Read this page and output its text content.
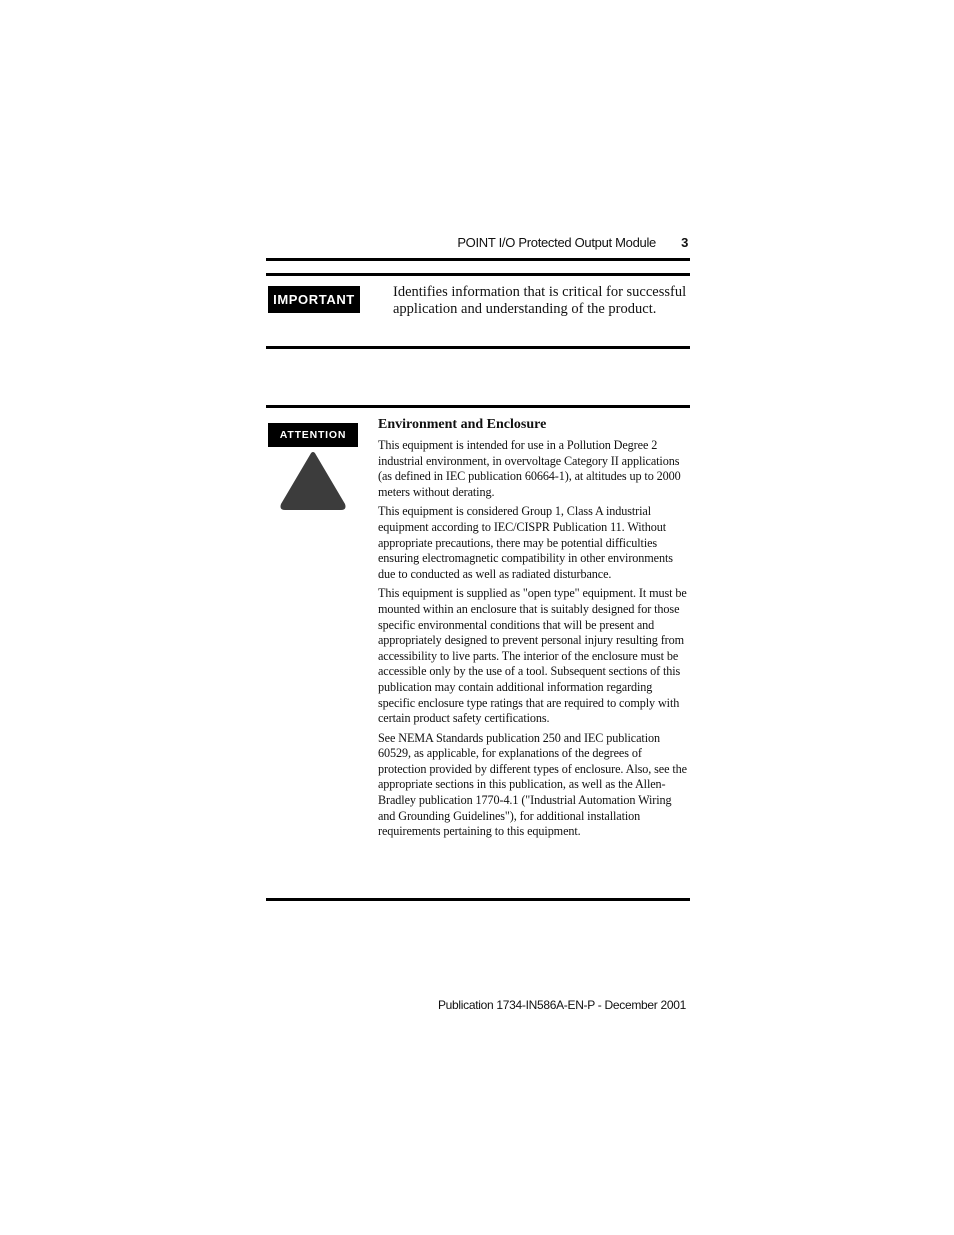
POINT I/O Protected Output Module 3
IMPORTANT	Identifies information that is critical for successful application and understanding of the product.
ATTENTION
Environment and Enclosure

This equipment is intended for use in a Pollution Degree 2 industrial environment, in overvoltage Category II applications (as defined in IEC publication 60664-1), at altitudes up to 2000 meters without derating.

This equipment is considered Group 1, Class A industrial equipment according to IEC/CISPR Publication 11. Without appropriate precautions, there may be potential difficulties ensuring electromagnetic compatibility in other environments due to conducted as well as radiated disturbance.

This equipment is supplied as "open type" equipment. It must be mounted within an enclosure that is suitably designed for those specific environmental conditions that will be present and appropriately designed to prevent personal injury resulting from accessibility to live parts. The interior of the enclosure must be accessible only by the use of a tool. Subsequent sections of this publication may contain additional information regarding specific enclosure type ratings that are required to comply with certain product safety certifications.

See NEMA Standards publication 250 and IEC publication 60529, as applicable, for explanations of the degrees of protection provided by different types of enclosure. Also, see the appropriate sections in this publication, as well as the Allen-Bradley publication 1770-4.1 ("Industrial Automation Wiring and Grounding Guidelines"), for additional installation requirements pertaining to this equipment.

Publication 1734-IN586A-EN-P - December 2001
